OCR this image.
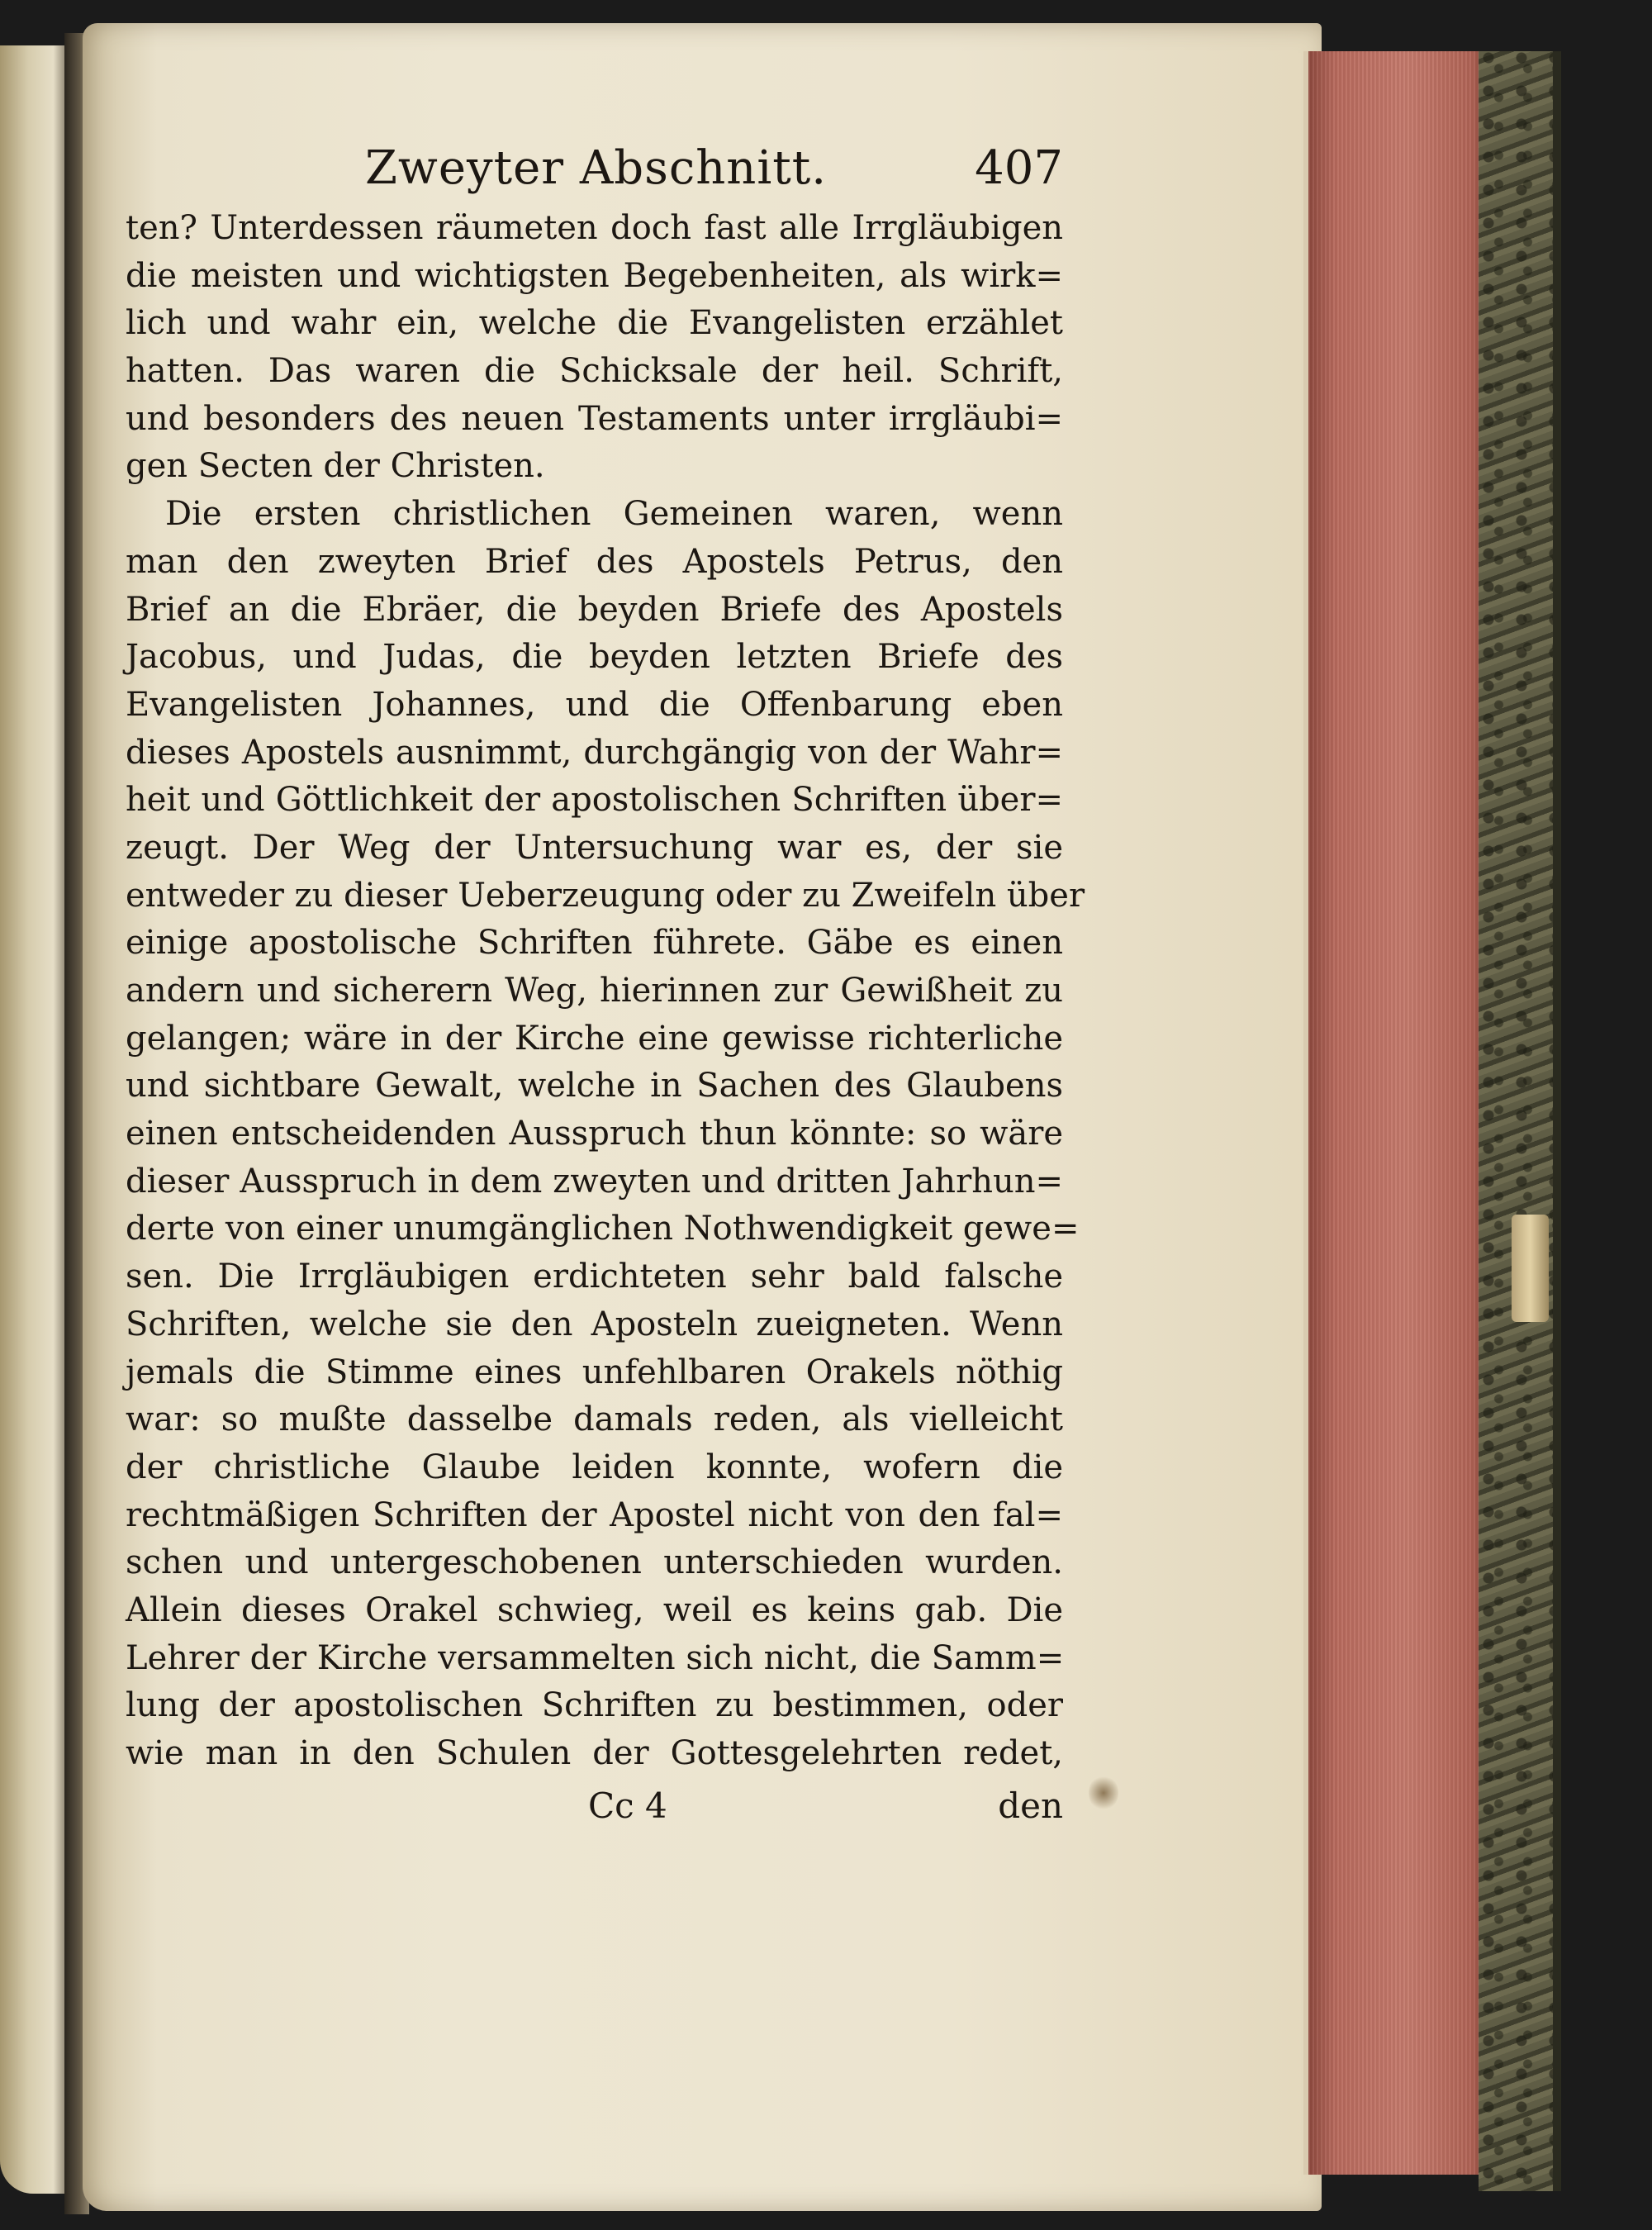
Zweyter Abschnitt.	407
ten? Unterdessen räumeten doch fast alle Irrgläubigen
die meisten und wichtigsten Begebenheiten, als wirk=
lich und wahr ein, welche die Evangelisten erzählet
hatten. Das waren die Schicksale der heil. Schrift,
und besonders des neuen Testaments unter irrgläubi=
gen Secten der Christen.
Die ersten christlichen Gemeinen waren, wenn
man den zweyten Brief des Apostels Petrus, den
Brief an die Ebräer, die beyden Briefe des Apostels
Jacobus, und Judas, die beyden letzten Briefe des
Evangelisten Johannes, und die Offenbarung eben
dieses Apostels ausnimmt, durchgängig von der Wahr=
heit und Göttlichkeit der apostolischen Schriften über=
zeugt. Der Weg der Untersuchung war es, der sie
entweder zu dieser Ueberzeugung oder zu Zweifeln über
einige apostolische Schriften führete. Gäbe es einen
andern und sicherern Weg, hierinnen zur Gewißheit zu
gelangen; wäre in der Kirche eine gewisse richterliche
und sichtbare Gewalt, welche in Sachen des Glaubens
einen entscheidenden Ausspruch thun könnte: so wäre
dieser Ausspruch in dem zweyten und dritten Jahrhun=
derte von einer unumgänglichen Nothwendigkeit gewe=
sen. Die Irrgläubigen erdichteten sehr bald falsche
Schriften, welche sie den Aposteln zueigneten. Wenn
jemals die Stimme eines unfehlbaren Orakels nöthig
war: so mußte dasselbe damals reden, als vielleicht
der christliche Glaube leiden konnte, wofern die
rechtmäßigen Schriften der Apostel nicht von den fal=
schen und untergeschobenen unterschieden wurden.
Allein dieses Orakel schwieg, weil es keins gab. Die
Lehrer der Kirche versammelten sich nicht, die Samm=
lung der apostolischen Schriften zu bestimmen, oder
wie man in den Schulen der Gottesgelehrten redet,
Cc 4	den
